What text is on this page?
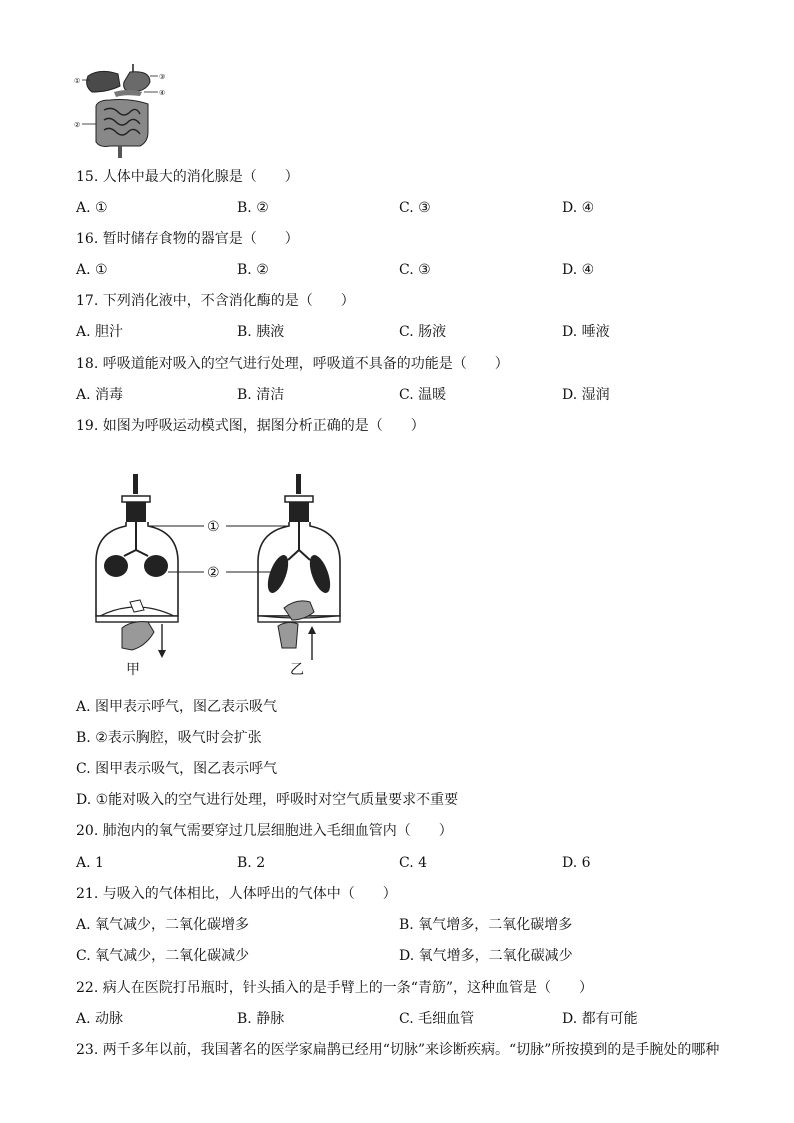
①	③
④
②
15. 人体中最大的消化腺是（　　）
A. ①	B. ②	C. ③	D. ④
16. 暂时储存食物的器官是（　　）
A. ①	B. ②	C. ③	D. ④
17. 下列消化液中，不含消化酶的是（　　）
A. 胆汁	B. 胰液	C. 肠液	D. 唾液
18. 呼吸道能对吸入的空气进行处理，呼吸道不具备的功能是（　　）
A. 消毒	B. 清洁	C. 温暖	D. 湿润
19. 如图为呼吸运动模式图，据图分析正确的是（　　）
①
②
甲	乙
A. 图甲表示呼气，图乙表示吸气
B. ②表示胸腔，吸气时会扩张
C. 图甲表示吸气，图乙表示呼气
D. ①能对吸入的空气进行处理，呼吸时对空气质量要求不重要
20. 肺泡内的氧气需要穿过几层细胞进入毛细血管内（　　）
A. 1	B. 2	C. 4	D. 6
21. 与吸入的气体相比，人体呼出的气体中（　　）
A. 氧气减少，二氧化碳增多	B. 氧气增多，二氧化碳增多
C. 氧气减少，二氧化碳减少	D. 氧气增多，二氧化碳减少
22. 病人在医院打吊瓶时，针头插入的是手臂上的一条“青筋”，这种血管是（　　）
A. 动脉	B. 静脉	C. 毛细血管	D. 都有可能
23. 两千多年以前，我国著名的医学家扁鹊已经用“切脉”来诊断疾病。“切脉”所按摸到的是手腕处的哪种
